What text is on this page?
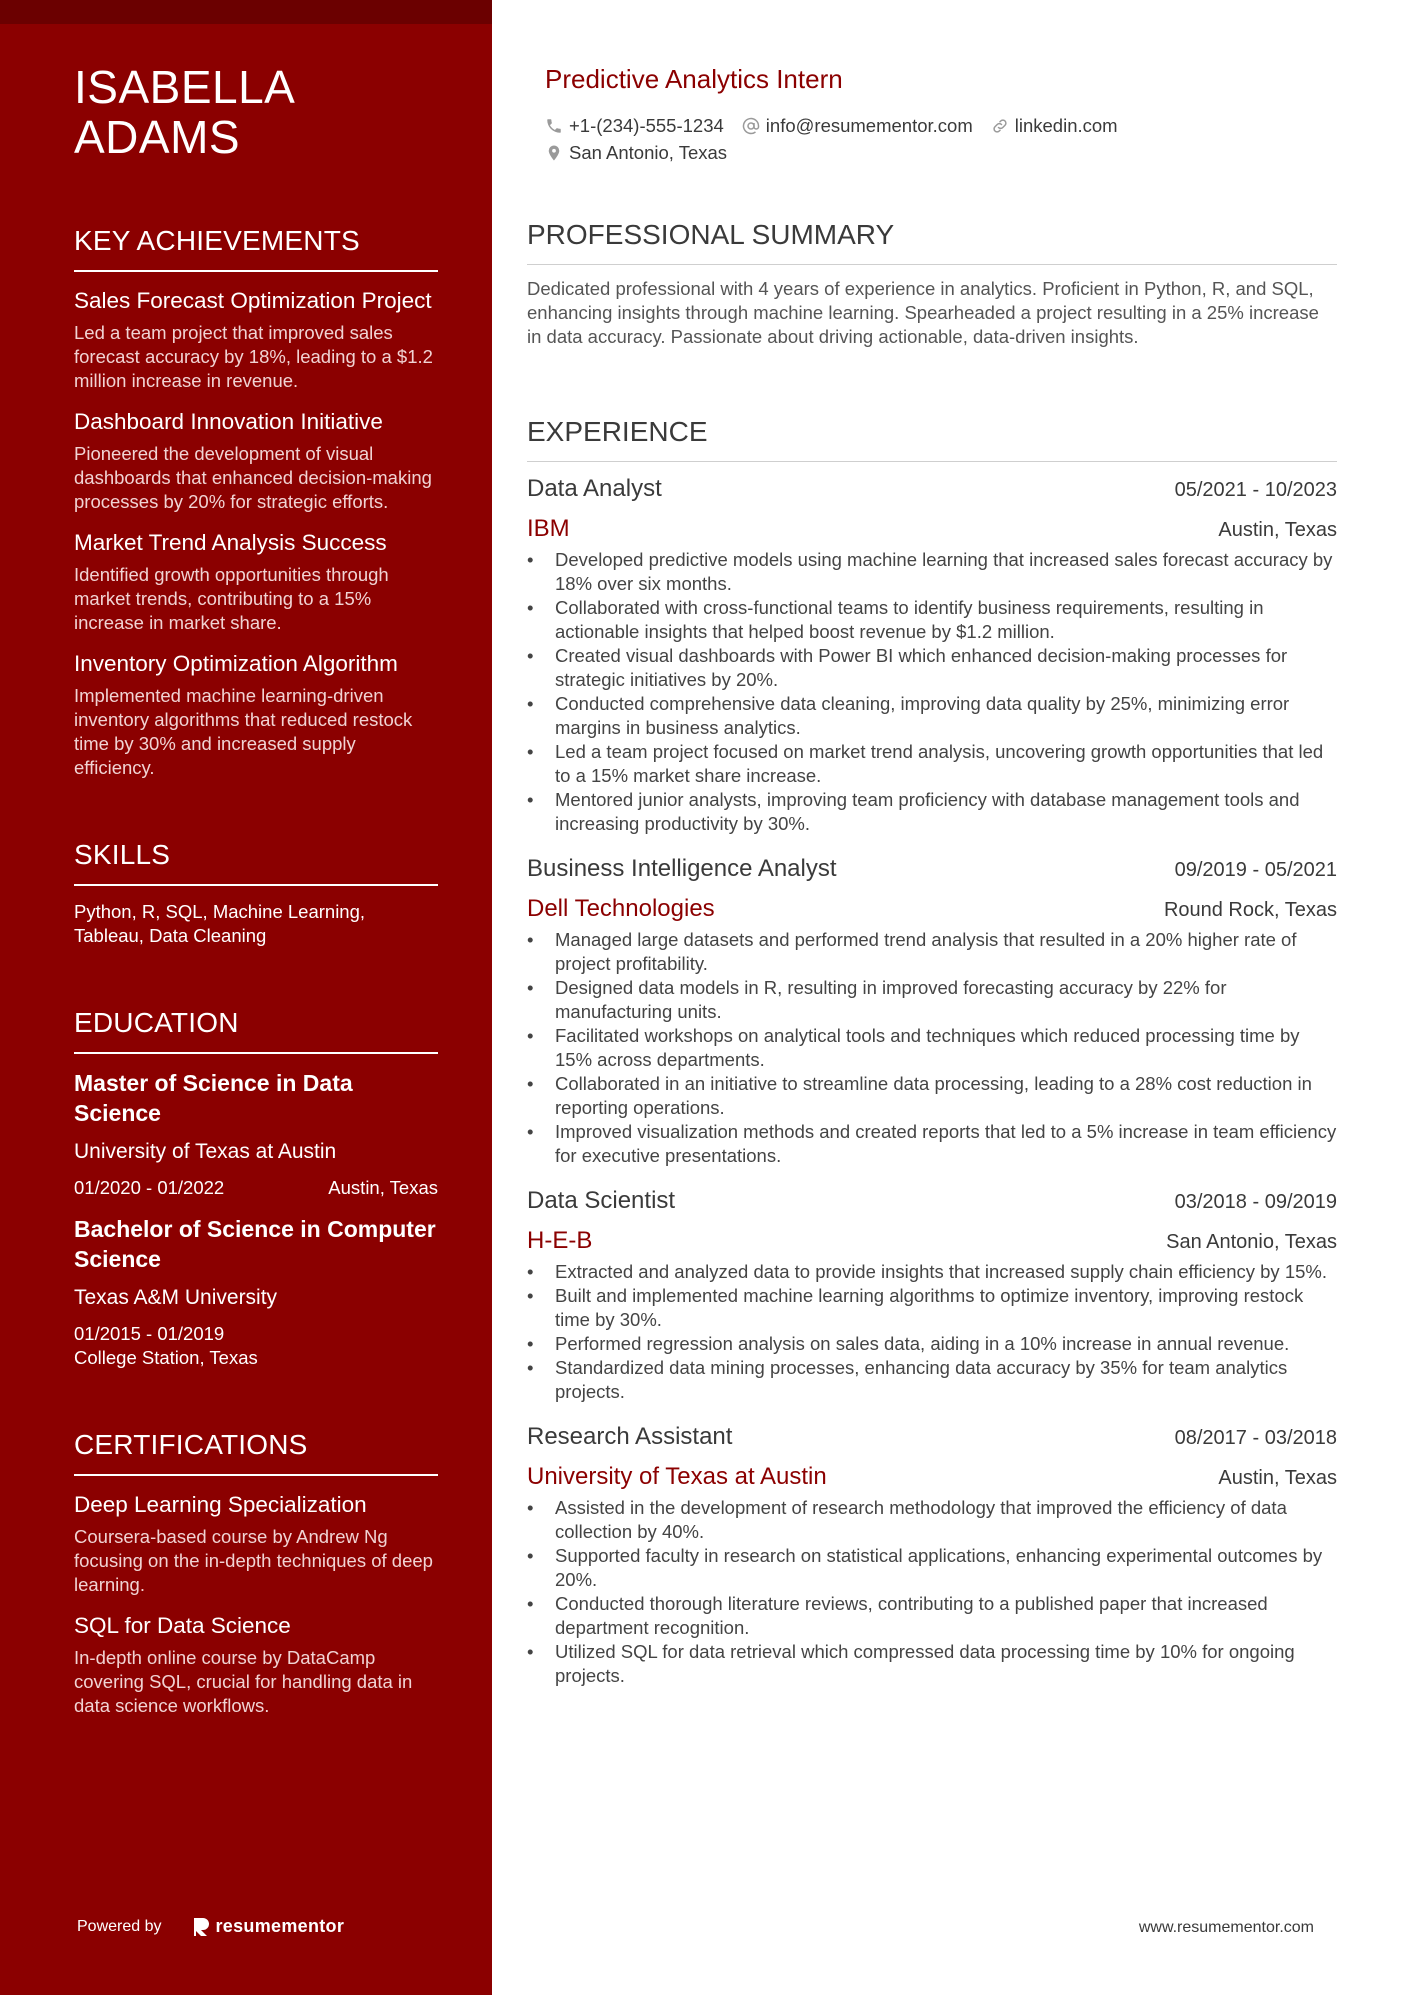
ISABELLA
ADAMS
KEY ACHIEVEMENTS
Sales Forecast Optimization Project
Led a team project that improved sales forecast accuracy by 18%, leading to a $1.2 million increase in revenue.
Dashboard Innovation Initiative
Pioneered the development of visual dashboards that enhanced decision-making processes by 20% for strategic efforts.
Market Trend Analysis Success
Identified growth opportunities through market trends, contributing to a 15% increase in market share.
Inventory Optimization Algorithm
Implemented machine learning-driven inventory algorithms that reduced restock time by 30% and increased supply efficiency.
SKILLS
Python, R, SQL, Machine Learning, Tableau, Data Cleaning
EDUCATION
Master of Science in Data Science
University of Texas at Austin
01/2020 - 01/2022	Austin, Texas
Bachelor of Science in Computer Science
Texas A&M University
01/2015 - 01/2019
College Station, Texas
CERTIFICATIONS
Deep Learning Specialization
Coursera-based course by Andrew Ng focusing on the in-depth techniques of deep learning.
SQL for Data Science
In-depth online course by DataCamp covering SQL, crucial for handling data in data science workflows.
Powered by	resumementor
Predictive Analytics Intern
+1-(234)-555-1234 info@resumementor.com linkedin.com
San Antonio, Texas
PROFESSIONAL SUMMARY
Dedicated professional with 4 years of experience in analytics. Proficient in Python, R, and SQL, enhancing insights through machine learning. Spearheaded a project resulting in a 25% increase in data accuracy. Passionate about driving actionable, data-driven insights.
EXPERIENCE
Data Analyst	05/2021 - 10/2023
IBM	Austin, Texas
• Developed predictive models using machine learning that increased sales forecast accuracy by 18% over six months.
• Collaborated with cross-functional teams to identify business requirements, resulting in actionable insights that helped boost revenue by $1.2 million.
• Created visual dashboards with Power BI which enhanced decision-making processes for strategic initiatives by 20%.
• Conducted comprehensive data cleaning, improving data quality by 25%, minimizing error margins in business analytics.
• Led a team project focused on market trend analysis, uncovering growth opportunities that led to a 15% market share increase.
• Mentored junior analysts, improving team proficiency with database management tools and increasing productivity by 30%.
Business Intelligence Analyst	09/2019 - 05/2021
Dell Technologies	Round Rock, Texas
• Managed large datasets and performed trend analysis that resulted in a 20% higher rate of project profitability.
• Designed data models in R, resulting in improved forecasting accuracy by 22% for manufacturing units.
• Facilitated workshops on analytical tools and techniques which reduced processing time by 15% across departments.
• Collaborated in an initiative to streamline data processing, leading to a 28% cost reduction in reporting operations.
• Improved visualization methods and created reports that led to a 5% increase in team efficiency for executive presentations.
Data Scientist	03/2018 - 09/2019
H-E-B	San Antonio, Texas
• Extracted and analyzed data to provide insights that increased supply chain efficiency by 15%.
• Built and implemented machine learning algorithms to optimize inventory, improving restock time by 30%.
• Performed regression analysis on sales data, aiding in a 10% increase in annual revenue.
• Standardized data mining processes, enhancing data accuracy by 35% for team analytics projects.
Research Assistant	08/2017 - 03/2018
University of Texas at Austin	Austin, Texas
• Assisted in the development of research methodology that improved the efficiency of data collection by 40%.
• Supported faculty in research on statistical applications, enhancing experimental outcomes by 20%.
• Conducted thorough literature reviews, contributing to a published paper that increased department recognition.
• Utilized SQL for data retrieval which compressed data processing time by 10% for ongoing projects.
www.resumementor.com
